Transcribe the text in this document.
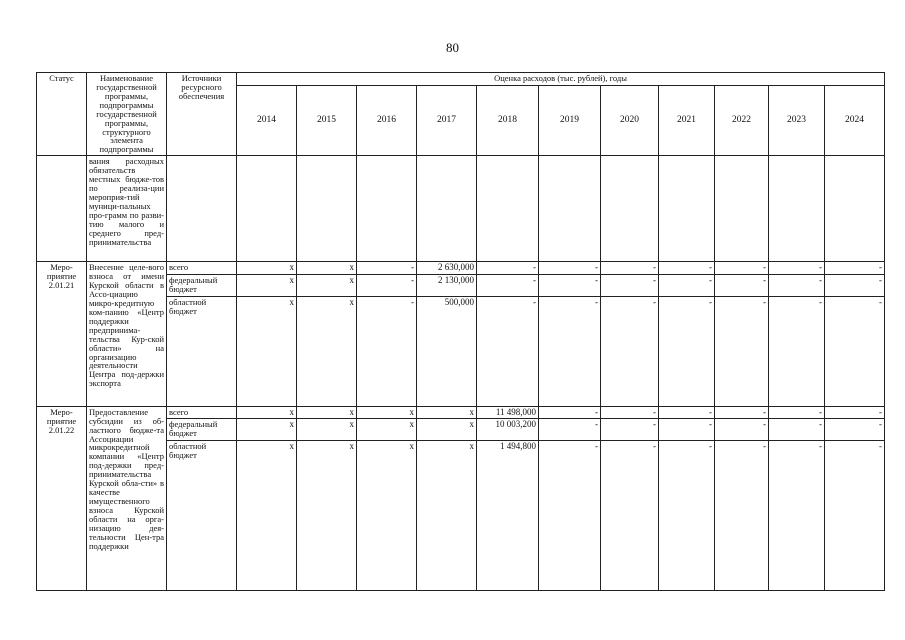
80
Статус	Наименование государственной программы, подпрограммы государственной программы, структурного элемента подпрограммы	Источники ресурсного обеспечения	Оценка расходов (тыс. рублей), годы										
			2014	2015	2016	2017	2018	2019	2020	2021	2022	2023	2024
	вания расходных обязательств местных бюдже-тов по реализа-ции мероприя-тий муници-пальных про-грамм по разви-тию малого и среднего пред-принимательства												
Меро-приятие 2.01.21	Внесение целе-вого взноса от имени Курской области в Ассо-циацию микро-кредитную ком-панию «Центр поддержки предпринима-тельства Кур-ской области» на организацию деятельности Центра под-держки экспорта	всего	x	x	-	2 630,000	-	-	-	-	-	-	-
		федеральный бюджет	x	x	-	2 130,000	-	-	-	-	-	-	-
		областной бюджет	x	x	-	500,000	-	-	-	-	-	-	-
Меро-приятие 2.01.22	Предоставление субсидии из об-ластного бюдже-та Ассоциации микрокредитной компании «Центр под-держки пред-принимательства Курской обла-сти» в качестве имущественного взноса Курской области на орга-низацию дея-тельности Цен-тра поддержки	всего	x	x	x	x	11 498,000	-	-	-	-	-	-
		федеральный бюджет	x	x	x	x	10 003,200	-	-	-	-	-	-
		областной бюджет	x	x	x	x	1 494,800	-	-	-	-	-	-
